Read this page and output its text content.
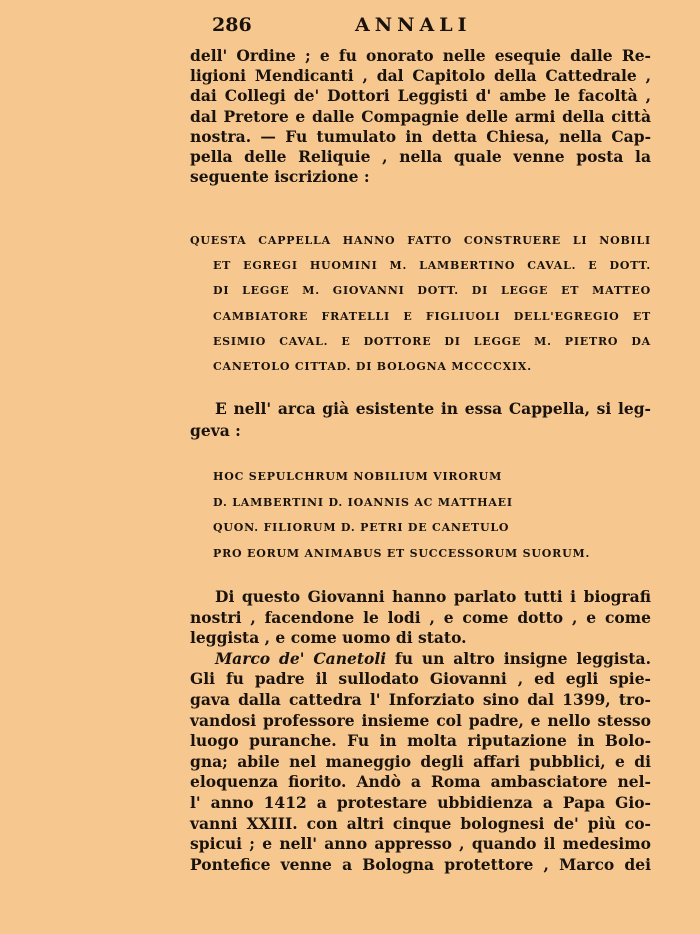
286	ANNALI
dell' Ordine ; e fu onorato nelle esequie dalle Re-
ligioni Mendicanti , dal Capitolo della Cattedrale ,
dai Collegi de' Dottori Leggisti d' ambe le facoltà ,
dal Pretore e dalle Compagnie delle armi della città
nostra. — Fu tumulato in detta Chiesa, nella Cap-
pella delle Reliquie , nella quale venne posta la
seguente iscrizione :
QUESTA CAPPELLA HANNO FATTO CONSTRUERE LI NOBILI
ET EGREGI HUOMINI M. LAMBERTINO CAVAL. E DOTT.
DI LEGGE M. GIOVANNI DOTT. DI LEGGE ET MATTEO
CAMBIATORE FRATELLI E FIGLIUOLI DELL'EGREGIO ET
ESIMIO CAVAL. E DOTTORE DI LEGGE M. PIETRO DA
CANETOLO CITTAD. DI BOLOGNA MCCCCXIX.
E nell' arca già esistente in essa Cappella, si leg-
geva :
HOC SEPULCHRUM NOBILIUM VIRORUM
D. LAMBERTINI D. IOANNIS AC MATTHAEI
QUON. FILIORUM D. PETRI DE CANETULO
PRO EORUM ANIMABUS ET SUCCESSORUM SUORUM.
Di questo Giovanni hanno parlato tutti i biografi
nostri , facendone le lodi , e come dotto , e come
leggista , e come uomo di stato.
Marco de' Canetoli fu un altro insigne leggista.
Gli fu padre il sullodato Giovanni , ed egli spie-
gava dalla cattedra l' Inforziato sino dal 1399, tro-
vandosi professore insieme col padre, e nello stesso
luogo puranche. Fu in molta riputazione in Bolo-
gna; abile nel maneggio degli affari pubblici, e di
eloquenza fiorito. Andò a Roma ambasciatore nel-
l' anno 1412 a protestare ubbidienza a Papa Gio-
vanni XXIII. con altri cinque bolognesi de' più co-
spicui ; e nell' anno appresso , quando il medesimo
Pontefice venne a Bologna protettore , Marco dei
